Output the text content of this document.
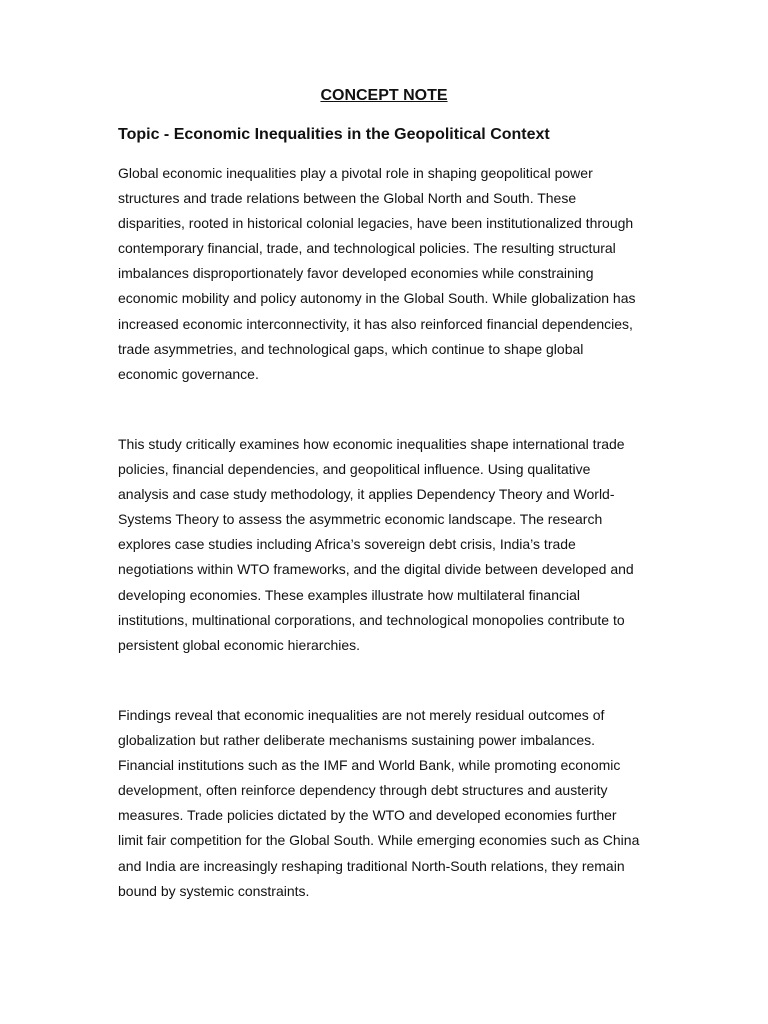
CONCEPT NOTE
Topic - Economic Inequalities in the Geopolitical Context

Global economic inequalities play a pivotal role in shaping geopolitical power
structures and trade relations between the Global North and South. These
disparities, rooted in historical colonial legacies, have been institutionalized through
contemporary financial, trade, and technological policies. The resulting structural
imbalances disproportionately favor developed economies while constraining
economic mobility and policy autonomy in the Global South. While globalization has
increased economic interconnectivity, it has also reinforced financial dependencies,
trade asymmetries, and technological gaps, which continue to shape global
economic governance.

This study critically examines how economic inequalities shape international trade
policies, financial dependencies, and geopolitical influence. Using qualitative
analysis and case study methodology, it applies Dependency Theory and World-
Systems Theory to assess the asymmetric economic landscape. The research
explores case studies including Africa’s sovereign debt crisis, India’s trade
negotiations within WTO frameworks, and the digital divide between developed and
developing economies. These examples illustrate how multilateral financial
institutions, multinational corporations, and technological monopolies contribute to
persistent global economic hierarchies.

Findings reveal that economic inequalities are not merely residual outcomes of
globalization but rather deliberate mechanisms sustaining power imbalances.
Financial institutions such as the IMF and World Bank, while promoting economic
development, often reinforce dependency through debt structures and austerity
measures. Trade policies dictated by the WTO and developed economies further
limit fair competition for the Global South. While emerging economies such as China
and India are increasingly reshaping traditional North-South relations, they remain
bound by systemic constraints.
